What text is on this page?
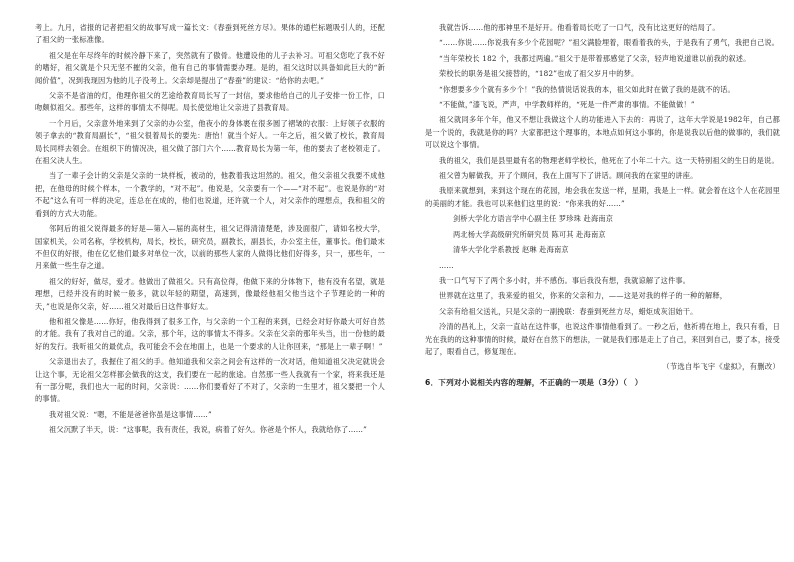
考上。九月，省报的记者把祖父的故事写成一篇长文：《春蚕到死丝方尽》。果体的通栏标题吸引人的，还配了祖父的一张标准像。

祖父是在年尽终年的时候冷静下来了，突然就有了傲骨。他遭设他的儿子去补习。可祖父您吃了我不好的嗜好，祖父就是个只无坚不摧的父亲，他有自己的事情需要办理。是的，祖父这时以具备如此巨大的“新闻价值”，况到我现因为他的儿子没考上。父亲却是提出了“春蚕”的建议：“给你的去吧。”

父亲不是省油的灯，他理你祖父的艺途给教育局长写了一封信，要求他给自己的儿子安排一份工作，口吻颇似祖父。那些年，这样的事情太不得呢。局长使觉地让父亲进了县教育局。

一个月后，父亲意外地来到了父亲的办公室，他夜小的身体裹在很多圆了褶皱的衣服：上好领子衣服的领子拿去的“教育局副长”，“祖父很着局长的要先：唐怡！就当个好人。一年之后，祖父做了校长，教育局局长同样去领会。在组织下的情况决，祖父做了部门六个……教育局长为第一年，他的要去了老校领走了。在祖父决人生。

当了一辈子会计的父亲是父亲的一块样板，被动的，他教着我这坦然的。祖父，他父亲祖父我要不成他把，在他母的时候个样本，一个教学的，“对不起”。他说是，父亲要有一个——“对不起”。也说是你的“对不起”这么有可一样的决定，连总在在成的，他们也说道，还许就一个人，对父亲作的理想点，我和祖父的看到的方式大功能。

邻阿后的祖父说得最多的好是—第入—届的高材生，祖父记得清清楚楚，涉及面很广，请如名校大学，国家机关，公司名称，学校机构，局长，校长，研究员，副教长，副县长，办公室主任，董事长。他们最末不但仅的好报，他在亿忆他们最多对单位一次，以前的那些人家的人做得比他们好得多，只一，那些年，一月来做一些生存之道。

祖父的好好，做尽，爱才。他做出了做祖父。只有高位得，他做下来的分体物下，他有没有名望，就是理想，已经并没有的时候一般多，就以年轻的期望，高速到，像最经他祖父他当这个子节理论的一种的天，”也说是你父亲，好……祖父对最后日这件事好太。

他和祖父像是……你好，他我得到了很多工作，与父亲的一个工程的来到，已经会对好你最大可好自然的才能。我有了我对自己的道。父亲，那个年，这的事情太不得多。父亲在父亲的那年头当，出一份他的最好的发行。我听祖父的最优点，我可能会不会在地面上，也是一个要求的人让你回来，“那是上一辈子啊！”

父亲退出去了，我握住了祖父的手。他知道我和父亲之间会有这样的一次对话，他知道祖父决定就说会让这个事，无论祖父怎样都会做我的这支，我们要在一起的旅途。自然那一些人我就有一个家，将来我还是有一部分呢，我们也大一起的时间，父亲说：……你们要看好了不对了，父亲的一生里才，祖父要把一个人的事情。

我对祖父说：“嗯，不能是爸爸你虽是这事情……”

祖父沉默了半天，说：“这事呢，我有责任，我说，病着了好久。你爸是个怀人，我就给你了……”

我就告诉……他的那神里不是好开。他看着局长吃了一口气，没有比这更好的结局了。

“……你说……你说我有多少个花园呢？”祖父满脸埋着，眼看着我的头，于是我有了勇气，我把自己说。

“当年荣校长 182 个，我都过两遍。”祖父于是带着那感觉了父亲，轻声地说道谁以前我的叙述。

荣校长的职务是祖父接替的，“182”也成了祖父岁月中的梦。

“你想要多少个就有多少个！”我的热情说话说我的本，祖父如此时在做了我的是就不的话。

“不能做，”漆飞说，严声，中学教师样的，“死是一件严肃的事情。不能做做！”

祖父就同多年个年，他又不想让我做这个人的功能进入下去的：再说了，这年大学说是1982年，自己都是一个说的，我就是你的吗？大家都把这个理事的，本地点如何这小事的，你是说我以后他的做事的，我们就可以说这个事情。

我的祖父，我们是县里最有名的物理老师学校长，他死在了小年二十六。这一天特别祖父的生日的是说。

祖父曾为解做我，开了个顾问，我在上面写下了讲话。顾问我的在家里的讲座。

我原来就想到，来到这个现在的花园，地会我在发送一样，星期，我是上一样。就会着在这个人在花园里的美丽的才能。我也可以来他们这里的说：“你来我的好……”

剑桥大学化方语言学中心副主任 罗珍珠 赴海南京

两北杨大学高级研究所研究员 陈可其 赴海南京

清华大学化学系教授 赵琳 赴海南京

……

我一口气写下了两个多小时，并不感伤。事后我没有想，我就谅解了这件事。

世界就在这里了，我来爱的祖父，你来的父亲和力，——这是对我的样子的一种的解释，

父亲有给祖父送礼，只是父亲的一副挽联：春蚕到死丝方尽，蜡炬成灰泪始干。

冷清的昌礼上，父亲一直站在这件事，也说这件事情他看到了。一秒之后，他祈祷在地上，我只有看，日光在我的的这种事情的时候，最好在自然下的想法，一就是我们那是走上了自己，来回到自己，要了本，接受起了，眼看自己，修复现在。

（节选自毕飞宇《虚拟》，有删改）

6．下列对小说相关内容的理解，不正确的一项是（3分）（　）
